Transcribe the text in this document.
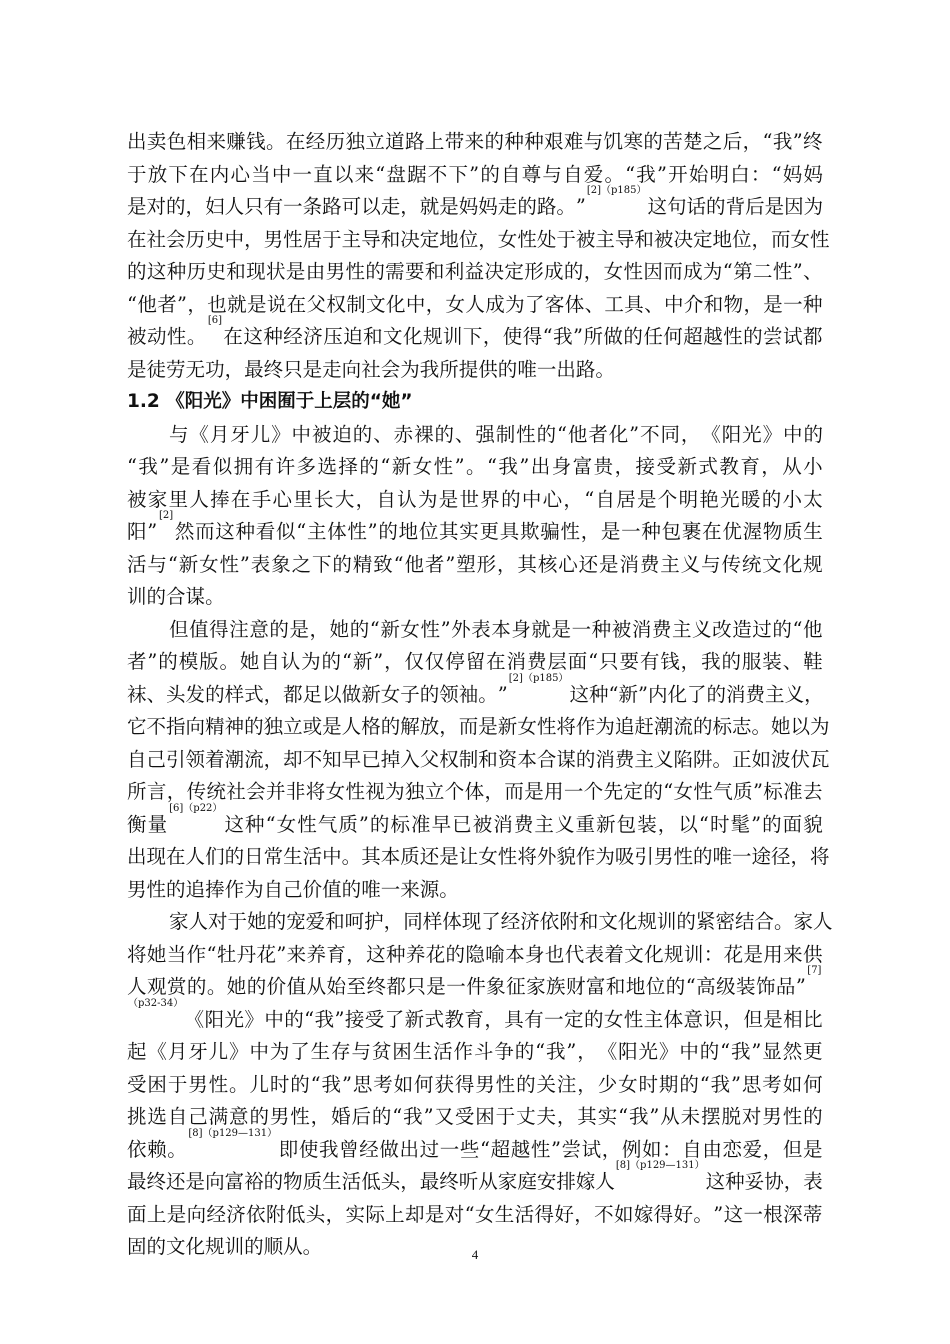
出 卖 色 相 来 赚 钱 。 在 经 历 独 立 道 路 上 带 来 的 种 种 艰 难 与 饥 寒 的 苦 楚 之 后 ， “ 我 ” 终
于 放 下 在 内 心 当 中 一 直 以 来 “ 盘 踞 不 下 ” 的 自 尊 与 自 爱 。 “ 我 ” 开 始 明 白 ： “ 妈 妈
是 对 的 ， 妇 人 只 有 一 条 路 可 以 走 ， 就 是 妈 妈 走 的 路 。 ”
[2]（p185）
这 句 话 的 背 后 是 因 为
在 社 会 历 史 中 ， 男 性 居 于 主 导 和 决 定 地 位 ， 女 性 处 于 被 主 导 和 被 决 定 地 位 ， 而 女 性
的 这 种 历 史 和 现 状 是 由 男 性 的 需 要 和 利 益 决 定 形 成 的 ， 女 性 因 而 成 为 “ 第 二 性 ” 、
“ 他 者 ” ， 也 就 是 说 在 父 权 制 文 化 中 ， 女 人 成 为 了 客 体 、 工 具 、 中 介 和 物 ， 是 一 种
被 动 性 。
[6]
在 这 种 经 济 压 迫 和 文 化 规 训 下 ， 使 得 “ 我 ” 所 做 的 任 何 超 越 性 的 尝 试 都
是 徒 劳 无 功 ， 最 终 只 是 走 向 社 会 为 我 所 提 供 的 唯 一 出 路 。
1.2 《阳光》中困囿于上层的“她”
与 《 月 牙 儿 》 中 被 迫 的 、 赤 裸 的 、 强 制 性 的 “ 他 者 化 ” 不 同 ， 《 阳 光 》 中 的
“ 我 ” 是 看 似 拥 有 许 多 选 择 的 “ 新 女 性 ” 。 “ 我 ” 出 身 富 贵 ， 接 受 新 式 教 育 ， 从 小
被 家 里 人 捧 在 手 心 里 长 大 ， 自 认 为 是 世 界 的 中 心 ， “ 自 居 是 个 明 艳 光 暖 的 小 太
阳 ”
[2]
然 而 这 种 看 似 “ 主 体 性 ” 的 地 位 其 实 更 具 欺 骗 性 ， 是 一 种 包 裹 在 优 渥 物 质 生
活 与 “ 新 女 性 ” 表 象 之 下 的 精 致 “ 他 者 ” 塑 形 ， 其 核 心 还 是 消 费 主 义 与 传 统 文 化 规
训 的 合 谋 。
但 值 得 注 意 的 是 ， 她 的 “ 新 女 性 ” 外 表 本 身 就 是 一 种 被 消 费 主 义 改 造 过 的 “ 他
者 ” 的 模 版 。 她 自 认 为 的 “ 新 ” ， 仅 仅 停 留 在 消 费 层 面 “ 只 要 有 钱 ， 我 的 服 装 、 鞋
袜 、 头 发 的 样 式 ， 都 足 以 做 新 女 子 的 领 袖 。 ”
[2]（p185）
这 种 “ 新 ” 内 化 了 的 消 费 主 义 ，
它 不 指 向 精 神 的 独 立 或 是 人 格 的 解 放 ， 而 是 新 女 性 将 作 为 追 赶 潮 流 的 标 志 。 她 以 为
自 己 引 领 着 潮 流 ， 却 不 知 早 已 掉 入 父 权 制 和 资 本 合 谋 的 消 费 主 义 陷 阱 。 正 如 波 伏 瓦
所 言 ， 传 统 社 会 并 非 将 女 性 视 为 独 立 个 体 ， 而 是 用 一 个 先 定 的 “ 女 性 气 质 ” 标 准 去
衡 量
[6]（p22）
这 种 “ 女 性 气 质 ” 的 标 准 早 已 被 消 费 主 义 重 新 包 装 ， 以 “ 时 髦 ” 的 面 貌
出 现 在 人 们 的 日 常 生 活 中 。 其 本 质 还 是 让 女 性 将 外 貌 作 为 吸 引 男 性 的 唯 一 途 径 ， 将
男 性 的 追 捧 作 为 自 己 价 值 的 唯 一 来 源 。
家 人 对 于 她 的 宠 爱 和 呵 护 ， 同 样 体 现 了 经 济 依 附 和 文 化 规 训 的 紧 密 结 合 。 家 人
将 她 当 作 “ 牡 丹 花 ” 来 养 育 ， 这 种 养 花 的 隐 喻 本 身 也 代 表 着 文 化 规 训 ： 花 是 用 来 供
人 观 赏 的 。 她 的 价 值 从 始 至 终 都 只 是 一 件 象 征 家 族 财 富 和 地 位 的 “ 高 级 装 饰 品 ”
[7]
（p32-34）
《 阳 光 》 中 的 “ 我 ” 接 受 了 新 式 教 育 ， 具 有 一 定 的 女 性 主 体 意 识 ， 但 是 相 比
起 《 月 牙 儿 》 中 为 了 生 存 与 贫 困 生 活 作 斗 争 的 “ 我 ” ， 《 阳 光 》 中 的 “ 我 ” 显 然 更
受 困 于 男 性 。 儿 时 的 “ 我 ” 思 考 如 何 获 得 男 性 的 关 注 ， 少 女 时 期 的 “ 我 ” 思 考 如 何
挑 选 自 己 满 意 的 男 性 ， 婚 后 的 “ 我 ” 又 受 困 于 丈 夫 ， 其 实 “ 我 ” 从 未 摆 脱 对 男 性 的
依 赖 。
[8]（p129—131）
即 使 我 曾 经 做 出 过 一 些 “ 超 越 性 ” 尝 试 ， 例 如 ： 自 由 恋 爱 ， 但 是
最 终 还 是 向 富 裕 的 物 质 生 活 低 头 ， 最 终 听 从 家 庭 安 排 嫁 人
[8]（p129—131）
这 种 妥 协 ， 表
面 上 是 向 经 济 依 附 低 头 ， 实 际 上 却 是 对 “ 女 生 活 得 好 ， 不 如 嫁 得 好 。 ” 这 一 根 深 蒂
固 的 文 化 规 训 的 顺 从 。	4
